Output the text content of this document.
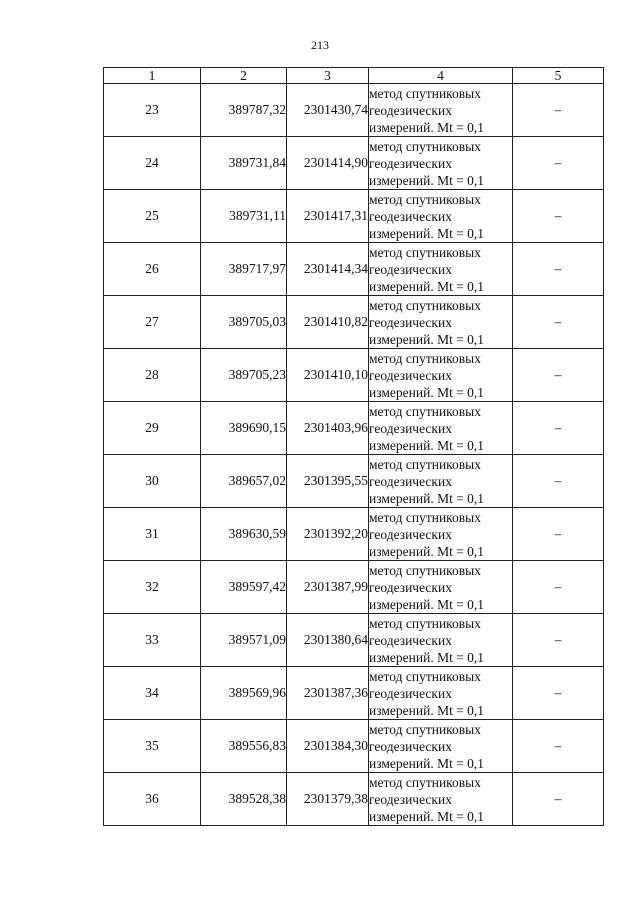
213
1	2	3	4	5
23	389787,32	2301430,74	метод спутниковых
геодезических
измерений. Mt = 0,1	–
24	389731,84	2301414,90	метод спутниковых
геодезических
измерений. Mt = 0,1	–
25	389731,11	2301417,31	метод спутниковых
геодезических
измерений. Mt = 0,1	–
26	389717,97	2301414,34	метод спутниковых
геодезических
измерений. Mt = 0,1	–
27	389705,03	2301410,82	метод спутниковых
геодезических
измерений. Mt = 0,1	–
28	389705,23	2301410,10	метод спутниковых
геодезических
измерений. Mt = 0,1	–
29	389690,15	2301403,96	метод спутниковых
геодезических
измерений. Mt = 0,1	–
30	389657,02	2301395,55	метод спутниковых
геодезических
измерений. Mt = 0,1	–
31	389630,59	2301392,20	метод спутниковых
геодезических
измерений. Mt = 0,1	–
32	389597,42	2301387,99	метод спутниковых
геодезических
измерений. Mt = 0,1	–
33	389571,09	2301380,64	метод спутниковых
геодезических
измерений. Mt = 0,1	–
34	389569,96	2301387,36	метод спутниковых
геодезических
измерений. Mt = 0,1	–
35	389556,83	2301384,30	метод спутниковых
геодезических
измерений. Mt = 0,1	–
36	389528,38	2301379,38	метод спутниковых
геодезических
измерений. Mt = 0,1	–
